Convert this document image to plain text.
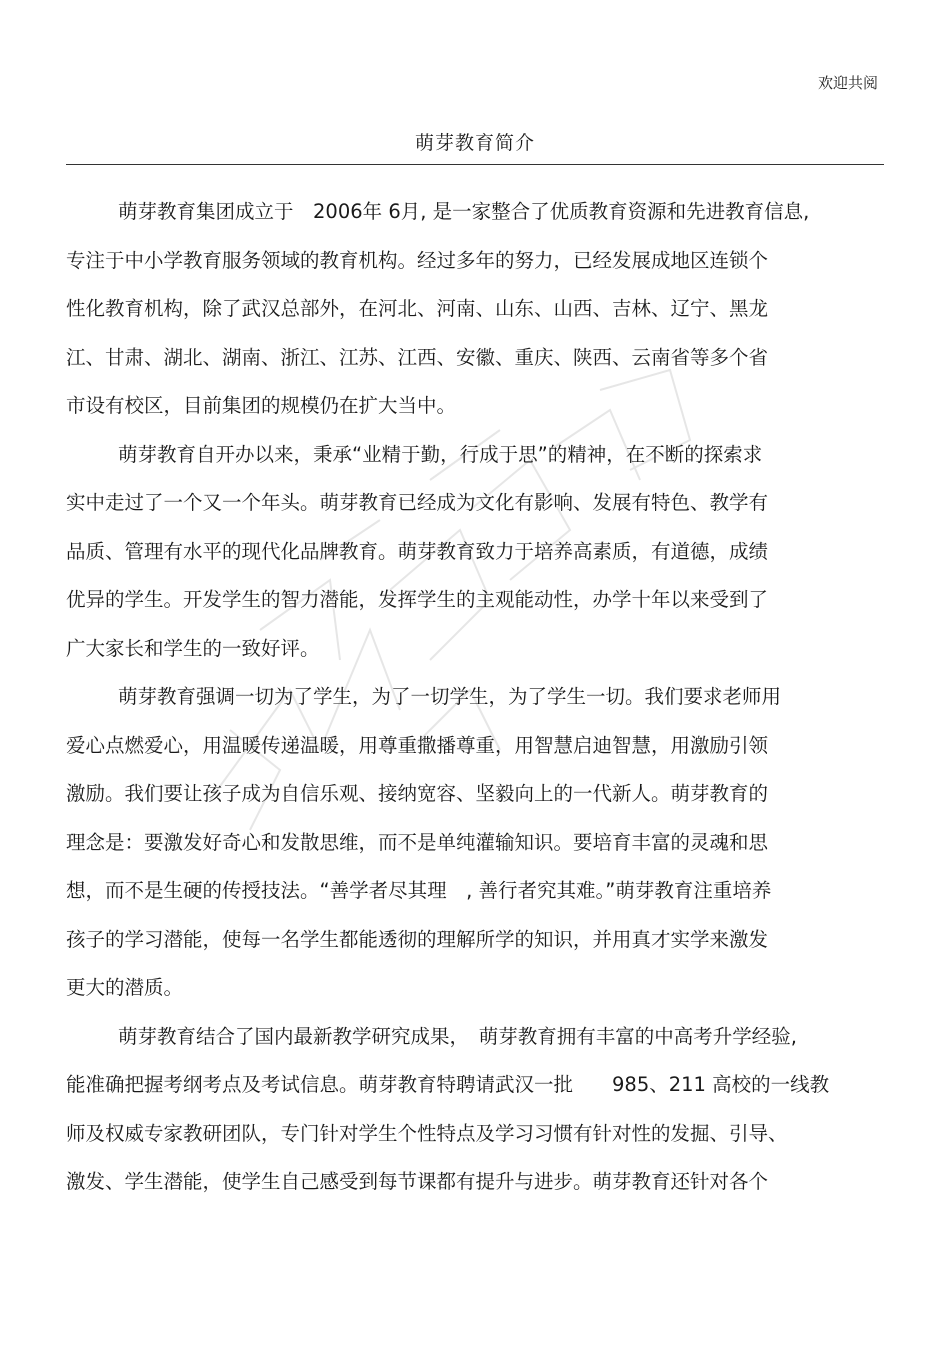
欢迎共阅
萌芽教育简介
萌芽教育集团成立于　2006年 6月, 是一家整合了优质教育资源和先进教育信息,
专注于中小学教育服务领域的教育机构。经过多年的努力，已经发展成地区连锁个
性化教育机构，除了武汉总部外，在河北、河南、山东、山西、吉林、辽宁、黑龙
江、甘肃、湖北、湖南、浙江、江苏、江西、安徽、重庆、陕西、云南省等多个省
市设有校区，目前集团的规模仍在扩大当中。
萌芽教育自开办以来，秉承“业精于勤，行成于思”的精神，在不断的探索求
实中走过了一个又一个年头。萌芽教育已经成为文化有影响、发展有特色、教学有
品质、管理有水平的现代化品牌教育。萌芽教育致力于培养高素质，有道德，成绩
优异的学生。开发学生的智力潜能，发挥学生的主观能动性，办学十年以来受到了
广大家长和学生的一致好评。
萌芽教育强调一切为了学生，为了一切学生，为了学生一切。我们要求老师用
爱心点燃爱心，用温暖传递温暖，用尊重撒播尊重，用智慧启迪智慧，用激励引领
激励。我们要让孩子成为自信乐观、接纳宽容、坚毅向上的一代新人。萌芽教育的
理念是：要激发好奇心和发散思维，而不是单纯灌输知识。要培育丰富的灵魂和思
想，而不是生硬的传授技法。“善学者尽其理　, 善行者究其难。”萌芽教育注重培养
孩子的学习潜能，使每一名学生都能透彻的理解所学的知识，并用真才实学来激发
更大的潜质。
萌芽教育结合了国内最新教学研究成果，　萌芽教育拥有丰富的中高考升学经验,
能准确把握考纲考点及考试信息。萌芽教育特聘请武汉一批　　985、211 高校的一线教
师及权威专家教研团队，专门针对学生个性特点及学习习惯有针对性的发掘、引导、
激发、学生潜能，使学生自己感受到每节课都有提升与进步。萌芽教育还针对各个
